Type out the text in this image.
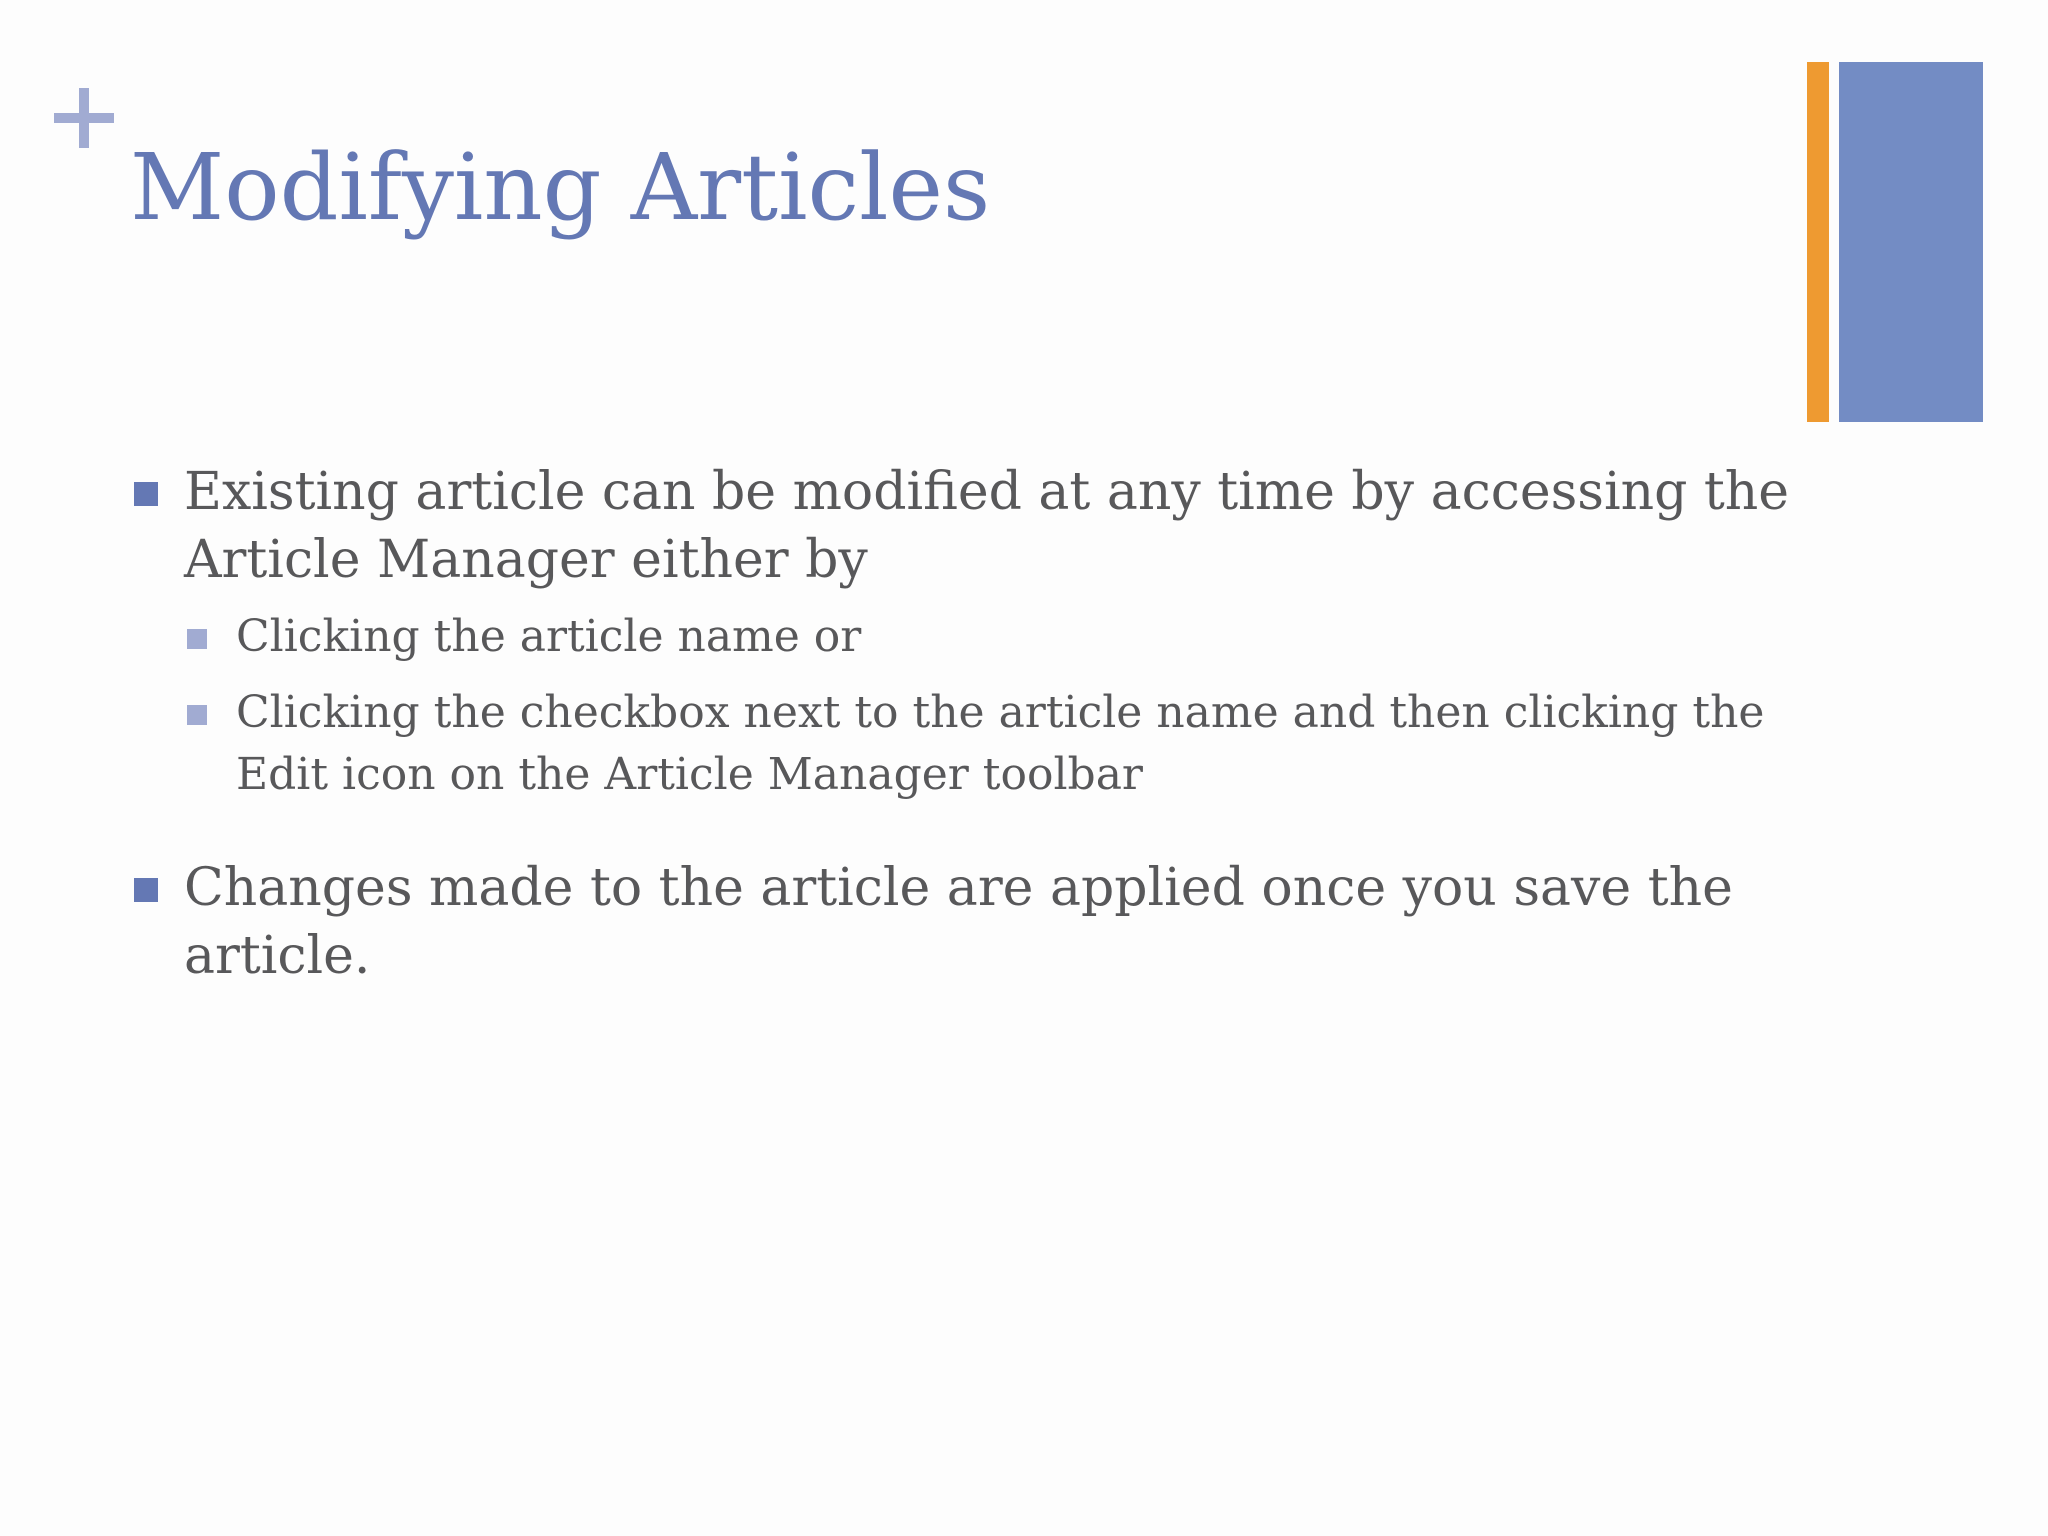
Modifying Articles
Existing article can be modified at any time by accessing the Article Manager either by
Clicking the article name or
Clicking the checkbox next to the article name and then clicking the Edit icon on the Article Manager toolbar
Changes made to the article are applied once you save the article.
